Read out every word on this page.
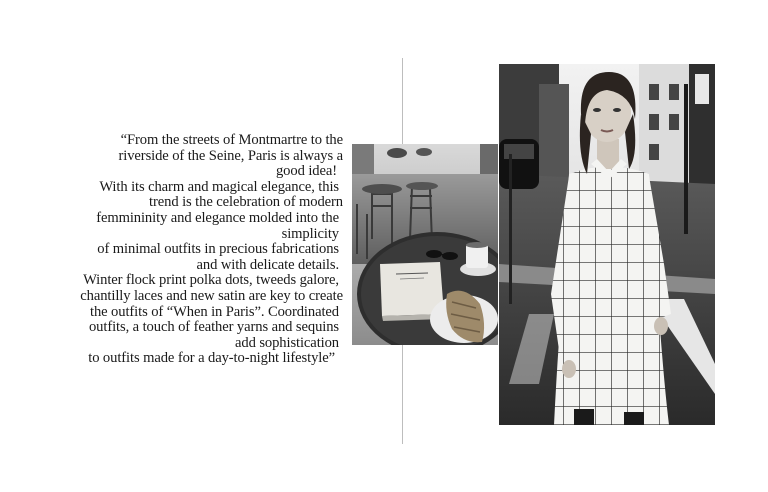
“From the streets of Montmartre to the
riverside of the Seine, Paris is always a
good idea!
With its charm and magical elegance, this
trend is the celebration of modern
femmininity and elegance molded into the
simplicity
of minimal outfits in precious fabrications
and with delicate details.
Winter flock print polka dots, tweeds galore,
chantilly laces and new satin are key to create
the outfits of “When in Paris”. Coordinated
outfits, a touch of feather yarns and sequins
add sophistication
to outfits made for a day-to-night lifestyle”
